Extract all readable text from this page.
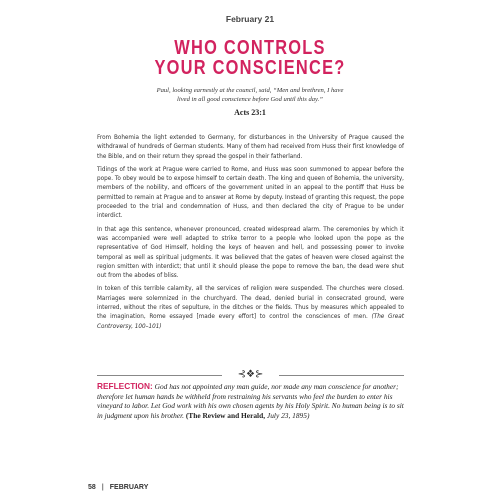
February 21
WHO CONTROLS
YOUR CONSCIENCE?
Paul, looking earnestly at the council, said, “Men and brethren, I have lived in all good conscience before God until this day.”
Acts 23:1

From Bohemia the light extended to Germany, for disturbances in the University of Prague caused the withdrawal of hundreds of German students. Many of them had received from Huss their first knowledge of the Bible, and on their return they spread the gospel in their fatherland.

Tidings of the work at Prague were carried to Rome, and Huss was soon summoned to appear before the pope. To obey would be to expose himself to certain death. The king and queen of Bohemia, the university, members of the nobility, and officers of the government united in an appeal to the pontiff that Huss be permitted to remain at Prague and to answer at Rome by deputy. Instead of granting this request, the pope proceeded to the trial and condemnation of Huss, and then declared the city of Prague to be under interdict.

In that age this sentence, whenever pronounced, created widespread alarm. The ceremonies by which it was accompanied were well adapted to strike terror to a people who looked upon the pope as the representative of God Himself, holding the keys of heaven and hell, and possessing power to invoke temporal as well as spiritual judgments. It was believed that the gates of heaven were closed against the region smitten with interdict; that until it should please the pope to remove the ban, the dead were shut out from the abodes of bliss.

In token of this terrible calamity, all the services of religion were suspended. The churches were closed. Marriages were solemnized in the churchyard. The dead, denied burial in consecrated ground, were interred, without the rites of sepulture, in the ditches or the fields. Thus by measures which appealed to the imagination, Rome essayed [made every effort] to control the consciences of men. (The Great Controversy, 100–101)

⊰❖⊱
REFLECTION: God has not appointed any man guide, nor made any man conscience for another; therefore let human hands be withheld from restraining his servants who feel the burden to enter his vineyard to labor. Let God work with his own chosen agents by his Holy Spirit. No human being is to sit in judgment upon his brother. (The Review and Herald, July 23, 1895)
58 | FEBRUARY
